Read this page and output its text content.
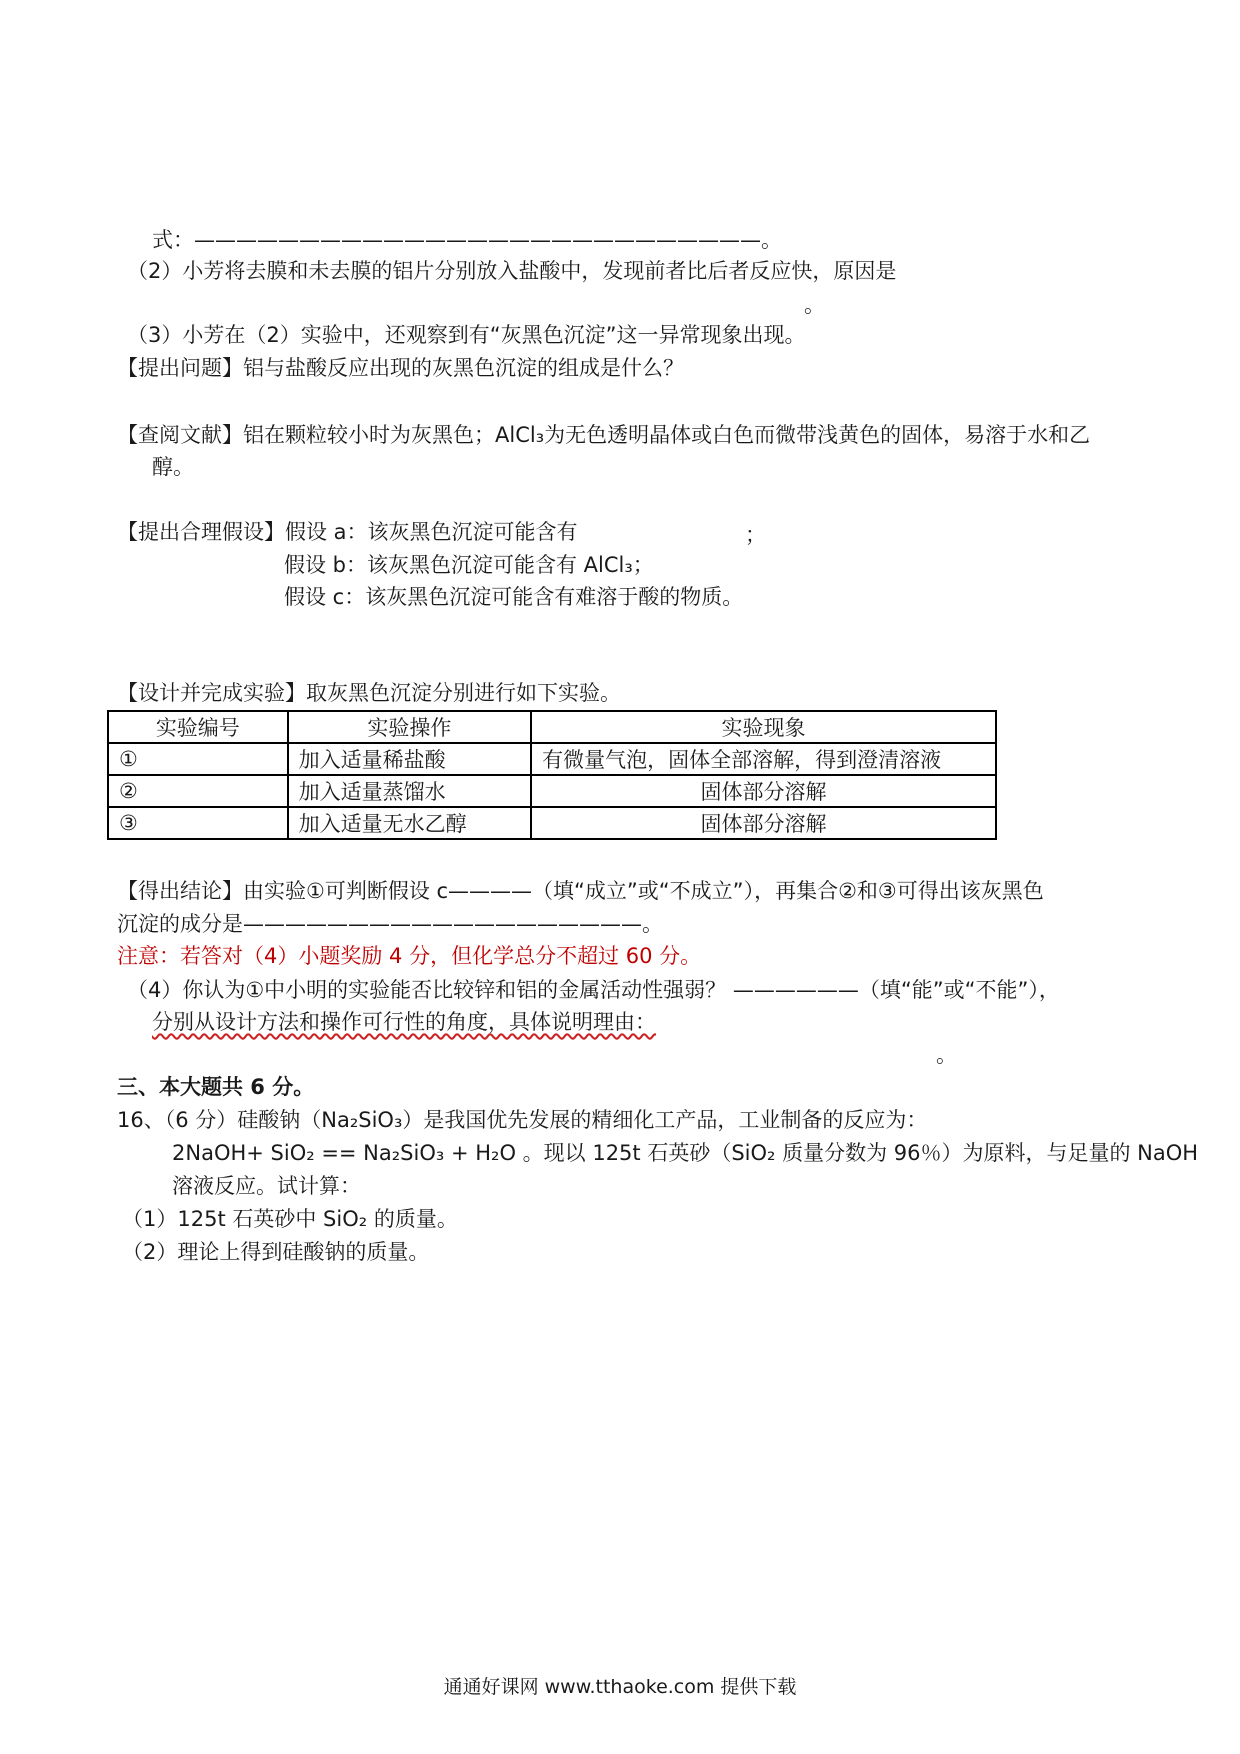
式：———————————————————————————。
（2）小芳将去膜和未去膜的铝片分别放入盐酸中，发现前者比后者反应快，原因是
。
（3）小芳在（2）实验中，还观察到有“灰黑色沉淀”这一异常现象出现。
【提出问题】铝与盐酸反应出现的灰黑色沉淀的组成是什么？
【查阅文献】铝在颗粒较小时为灰黑色；AlCl₃为无色透明晶体或白色而微带浅黄色的固体，易溶于水和乙
醇。
【提出合理假设】假设 a：该灰黑色沉淀可能含有	；
假设 b：该灰黑色沉淀可能含有 AlCl₃；
假设 c：该灰黑色沉淀可能含有难溶于酸的物质。
【设计并完成实验】取灰黑色沉淀分别进行如下实验。
实验编号	实验操作	实验现象
①	加入适量稀盐酸	有微量气泡，固体全部溶解，得到澄清溶液
②	加入适量蒸馏水	固体部分溶解
③	加入适量无水乙醇	固体部分溶解
【得出结论】由实验①可判断假设 c————（填“成立”或“不成立”），再集合②和③可得出该灰黑色
沉淀的成分是———————————————————。
注意：若答对（4）小题奖励 4 分，但化学总分不超过 60 分。
（4）你认为①中小明的实验能否比较锌和铝的金属活动性强弱？ ——————（填“能”或“不能”），
分别从设计方法和操作可行性的角度，具体说明理由：
。
三、本大题共 6 分。
16、（6 分）硅酸钠（Na₂SiO₃）是我国优先发展的精细化工产品，工业制备的反应为：
2NaOH+ SiO₂ == Na₂SiO₃ + H₂O 。现以 125t 石英砂（SiO₂ 质量分数为 96％）为原料，与足量的 NaOH
溶液反应。试计算：
（1）125t 石英砂中 SiO₂ 的质量。
（2）理论上得到硅酸钠的质量。
通通好课网 www.tthaoke.com 提供下载
